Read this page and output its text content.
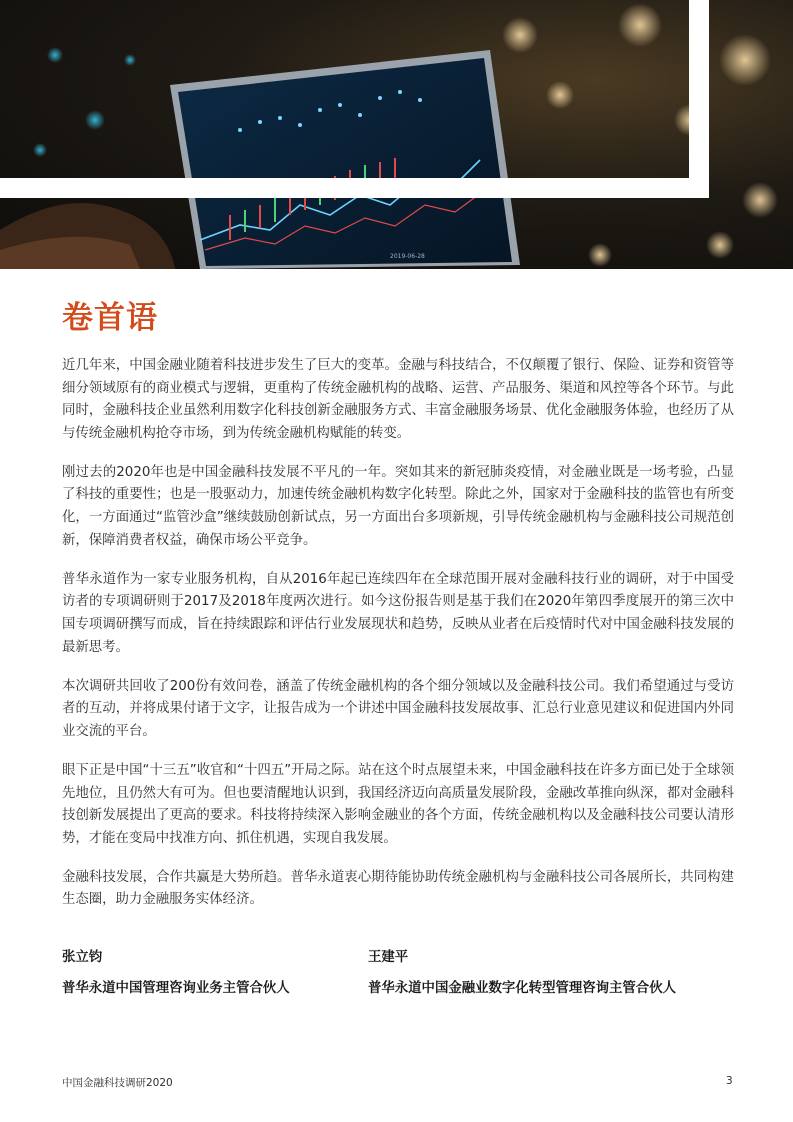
2019-06-28
卷首语

近几年来，中国金融业随着科技进步发生了巨大的变革。金融与科技结合，不仅颠覆了银行、保险、证券和资管等细分领域原有的商业模式与逻辑，更重构了传统金融机构的战略、运营、产品服务、渠道和风控等各个环节。与此同时，金融科技企业虽然利用数字化科技创新金融服务方式、丰富金融服务场景、优化金融服务体验，也经历了从与传统金融机构抢夺市场，到为传统金融机构赋能的转变。

刚过去的2020年也是中国金融科技发展不平凡的一年。突如其来的新冠肺炎疫情，对金融业既是一场考验，凸显了科技的重要性；也是一股驱动力，加速传统金融机构数字化转型。除此之外，国家对于金融科技的监管也有所变化，一方面通过“监管沙盒”继续鼓励创新试点，另一方面出台多项新规，引导传统金融机构与金融科技公司规范创新，保障消费者权益，确保市场公平竞争。

普华永道作为一家专业服务机构，自从2016年起已连续四年在全球范围开展对金融科技行业的调研，对于中国受访者的专项调研则于2017及2018年度两次进行。如今这份报告则是基于我们在2020年第四季度展开的第三次中国专项调研撰写而成，旨在持续跟踪和评估行业发展现状和趋势，反映从业者在后疫情时代对中国金融科技发展的最新思考。

本次调研共回收了200份有效问卷，涵盖了传统金融机构的各个细分领域以及金融科技公司。我们希望通过与受访者的互动，并将成果付诸于文字，让报告成为一个讲述中国金融科技发展故事、汇总行业意见建议和促进国内外同业交流的平台。

眼下正是中国“十三五”收官和“十四五”开局之际。站在这个时点展望未来，中国金融科技在许多方面已处于全球领先地位，且仍然大有可为。但也要清醒地认识到，我国经济迈向高质量发展阶段，金融改革推向纵深，都对金融科技创新发展提出了更高的要求。科技将持续深入影响金融业的各个方面，传统金融机构以及金融科技公司要认清形势，才能在变局中找准方向、抓住机遇，实现自我发展。

金融科技发展，合作共赢是大势所趋。普华永道衷心期待能协助传统金融机构与金融科技公司各展所长，共同构建生态圈，助力金融服务实体经济。

张立钧
普华永道中国管理咨询业务主管合伙人
王建平
普华永道中国金融业数字化转型管理咨询主管合伙人
中国金融科技调研2020	3
